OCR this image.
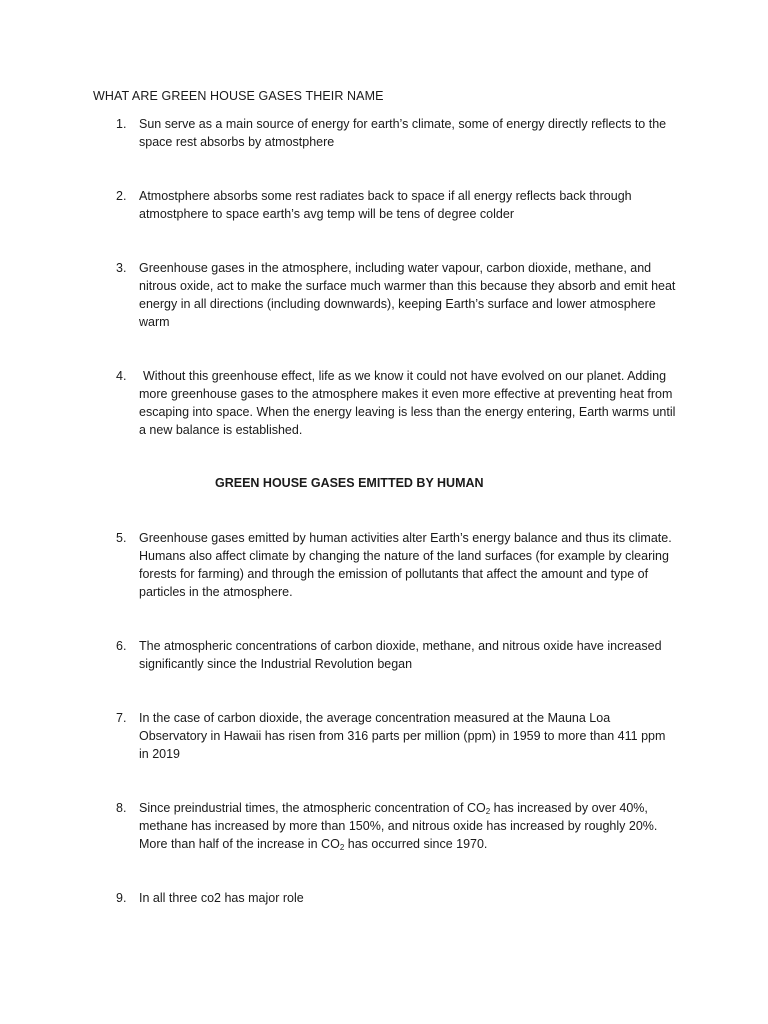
WHAT ARE GREEN HOUSE GASES THEIR NAME
1.	Sun serve as a main source of energy for earth’s climate, some of energy directly reflects to the space rest absorbs by atmostphere
2.	Atmostphere absorbs some rest radiates back to space if all energy reflects back through atmostphere to space earth’s avg temp will be tens of degree colder
3.	Greenhouse gases in the atmosphere, including water vapour, carbon dioxide, methane, and nitrous oxide, act to make the surface much warmer than this because they absorb and emit heat energy in all directions (including downwards), keeping Earth’s surface and lower atmosphere warm
4.	Without this greenhouse effect, life as we know it could not have evolved on our planet. Adding more greenhouse gases to the atmosphere makes it even more effective at preventing heat from escaping into space. When the energy leaving is less than the energy entering, Earth warms until a new balance is established.
GREEN HOUSE GASES EMITTED BY HUMAN
5.	Greenhouse gases emitted by human activities alter Earth’s energy balance and thus its climate. Humans also affect climate by changing the nature of the land surfaces (for example by clearing forests for farming) and through the emission of pollutants that affect the amount and type of particles in the atmosphere.
6.	The atmospheric concentrations of carbon dioxide, methane, and nitrous oxide have increased significantly since the Industrial Revolution began
7.	In the case of carbon dioxide, the average concentration measured at the Mauna Loa Observatory in Hawaii has risen from 316 parts per million (ppm) in 1959 to more than 411 ppm in 2019
8.	Since preindustrial times, the atmospheric concentration of $CO_2$ has increased by over 40%, methane has increased by more than 150%, and nitrous oxide has increased by roughly 20%. More than half of the increase in $CO_2$ has occurred since 1970.
9.	In all three co2 has major role
